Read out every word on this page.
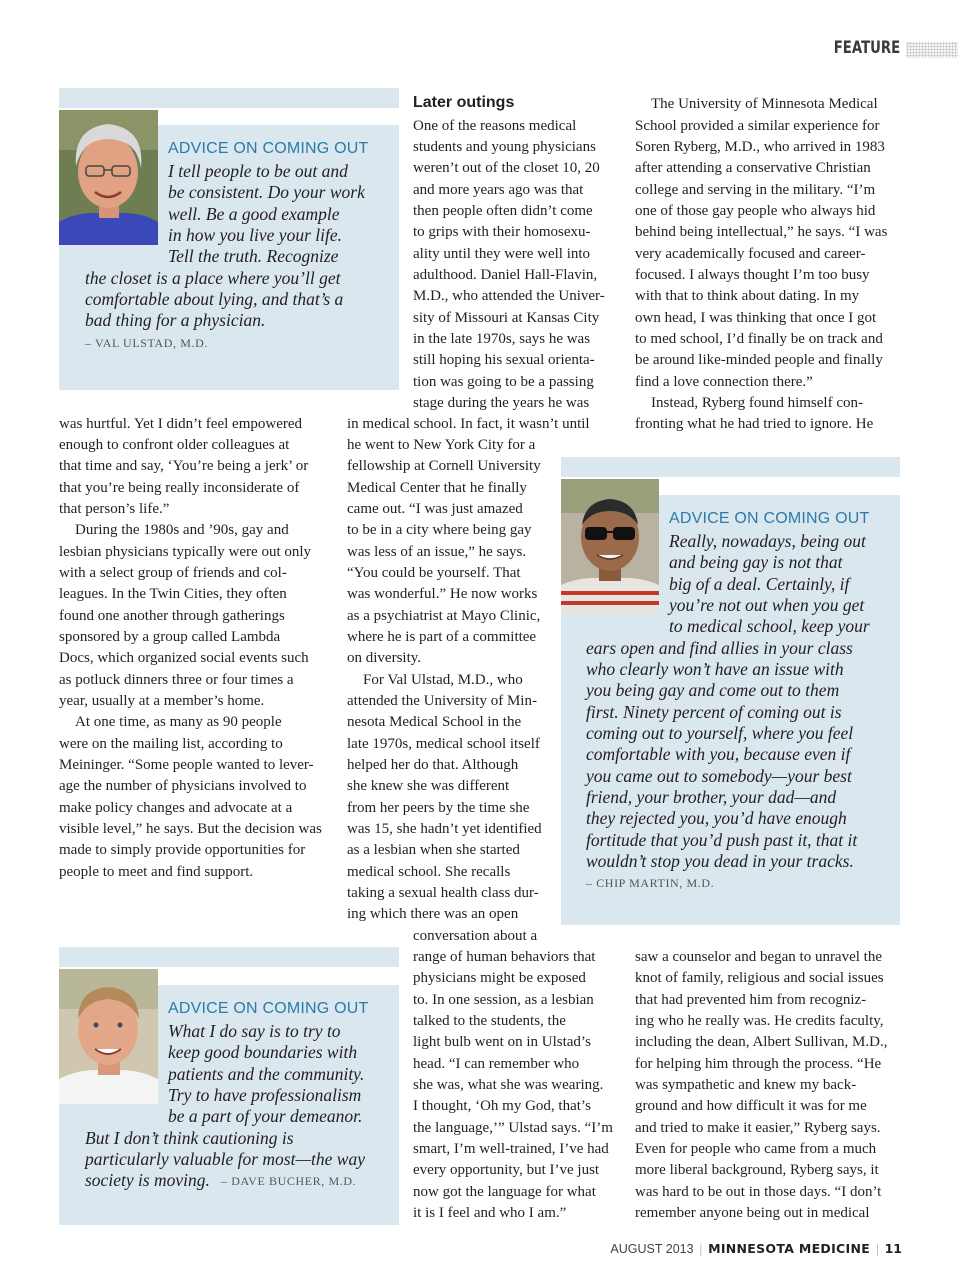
FEATURE
ADVICE ON COMING OUT
I tell people to be out and
be consistent. Do your work
well. Be a good example
in how you live your life.
Tell the truth. Recognize
the closet is a place where you’ll get
comfortable about lying, and that’s a
bad thing for a physician.
– VAL ULSTAD, M.D.
was hurtful. Yet I didn’t feel empowered
enough to confront older colleagues at
that time and say, ‘You’re being a jerk’ or
that you’re being really inconsiderate of
that person’s life.”
During the 1980s and ’90s, gay and
lesbian physicians typically were out only
with a select group of friends and col-
leagues. In the Twin Cities, they often
found one another through gatherings
sponsored by a group called Lambda
Docs, which organized social events such
as potluck dinners three or four times a
year, usually at a member’s home.
At one time, as many as 90 people
were on the mailing list, according to
Meininger. “Some people wanted to lever-
age the number of physicians involved to
make policy changes and advocate at a
visible level,” he says. But the decision was
made to simply provide opportunities for
people to meet and find support.
Later outings
One of the reasons medical
students and young physicians
weren’t out of the closet 10, 20
and more years ago was that
then people often didn’t come
to grips with their homosexu-
ality until they were well into
adulthood. Daniel Hall-Flavin,
M.D., who attended the Univer-
sity of Missouri at Kansas City
in the late 1970s, says he was
still hoping his sexual orienta-
tion was going to be a passing
stage during the years he was
in medical school. In fact, it wasn’t until
he went to New York City for a
fellowship at Cornell University
Medical Center that he finally
came out. “I was just amazed
to be in a city where being gay
was less of an issue,” he says.
“You could be yourself. That
was wonderful.” He now works
as a psychiatrist at Mayo Clinic,
where he is part of a committee
on diversity.
For Val Ulstad, M.D., who
attended the University of Min-
nesota Medical School in the
late 1970s, medical school itself
helped her do that. Although
she knew she was different
from her peers by the time she
was 15, she hadn’t yet identified
as a lesbian when she started
medical school. She recalls
taking a sexual health class dur-
ing which there was an open
conversation about a
range of human behaviors that
physicians might be exposed
to. In one session, as a lesbian
talked to the students, the
light bulb went on in Ulstad’s
head. “I can remember who
she was, what she was wearing.
I thought, ‘Oh my God, that’s
the language,’” Ulstad says. “I’m
smart, I’m well-trained, I’ve had
every opportunity, but I’ve just
now got the language for what
it is I feel and who I am.”
The University of Minnesota Medical
School provided a similar experience for
Soren Ryberg, M.D., who arrived in 1983
after attending a conservative Christian
college and serving in the military. “I’m
one of those gay people who always hid
behind being intellectual,” he says. “I was
very academically focused and career-
focused. I always thought I’m too busy
with that to think about dating. In my
own head, I was thinking that once I got
to med school, I’d finally be on track and
be around like-minded people and finally
find a love connection there.”
Instead, Ryberg found himself con-
fronting what he had tried to ignore. He
saw a counselor and began to unravel the
knot of family, religious and social issues
that had prevented him from recogniz-
ing who he really was. He credits faculty,
including the dean, Albert Sullivan, M.D.,
for helping him through the process. “He
was sympathetic and knew my back-
ground and how difficult it was for me
and tried to make it easier,” Ryberg says.
Even for people who came from a much
more liberal background, Ryberg says, it
was hard to be out in those days. “I don’t
remember anyone being out in medical
ADVICE ON COMING OUT
Really, nowadays, being out
and being gay is not that
big of a deal. Certainly, if
you’re not out when you get
to medical school, keep your
ears open and find allies in your class
who clearly won’t have an issue with
you being gay and come out to them
first. Ninety percent of coming out is
coming out to yourself, where you feel
comfortable with you, because even if
you came out to somebody—your best
friend, your brother, your dad—and
they rejected you, you’d have enough
fortitude that you’d push past it, that it
wouldn’t stop you dead in your tracks.
– CHIP MARTIN, M.D.
ADVICE ON COMING OUT
What I do say is to try to
keep good boundaries with
patients and the community.
Try to have professionalism
be a part of your demeanor.
But I don’t think cautioning is
particularly valuable for most—the way
society is moving. – DAVE BUCHER, M.D.
AUGUST 2013 | MINNESOTA MEDICINE | 11
